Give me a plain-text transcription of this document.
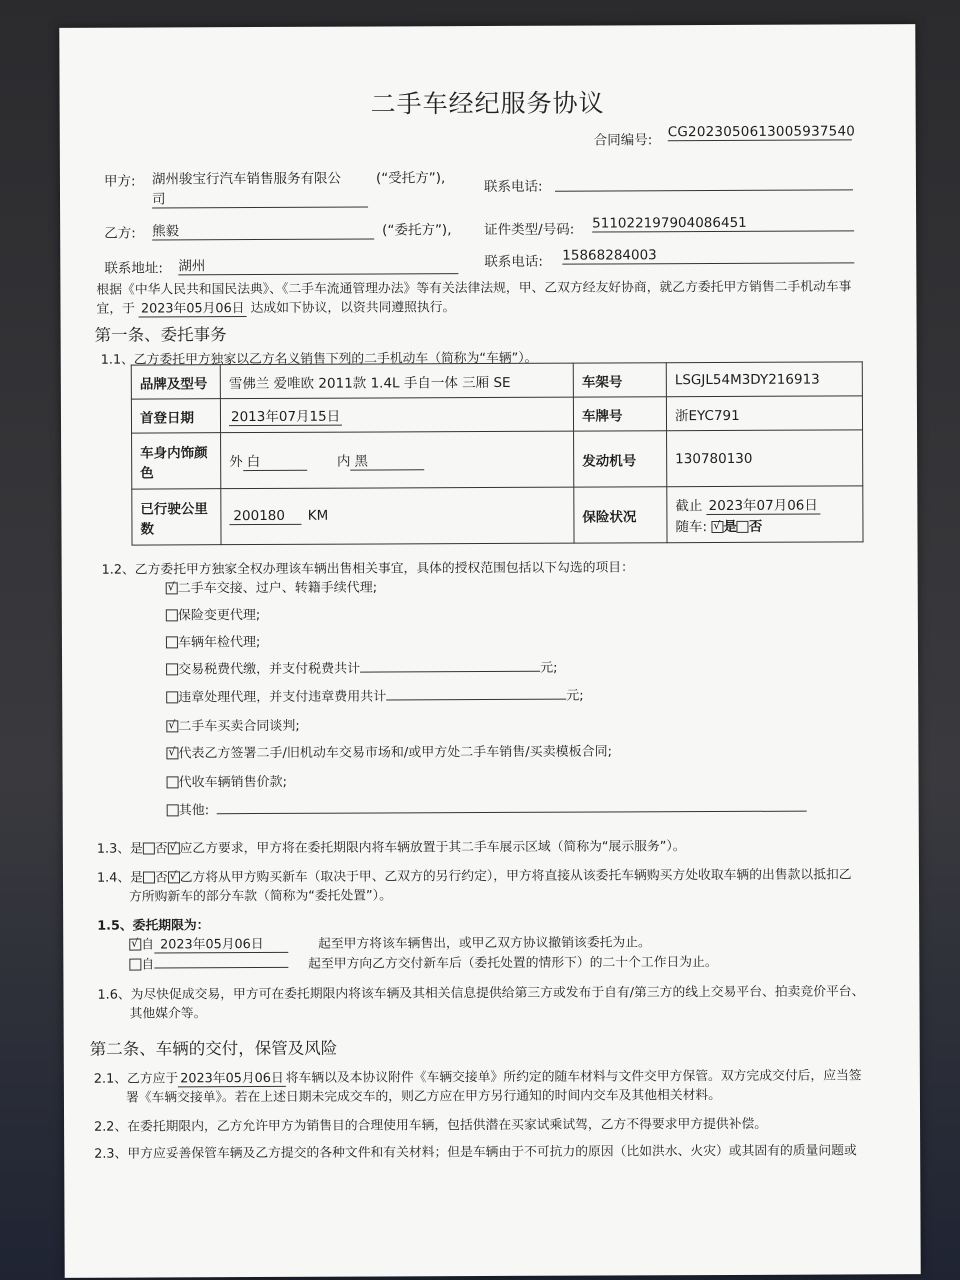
二手车经纪服务协议
合同编号:
CG2023050613005937540
甲方: 湖州骏宝行汽车销售服务有限公
司
(“受托方”),
联系电话:
乙方: 熊毅	(“委托方”), 证件类型/号码: 511022197904086451
联系地址: 湖州	联系电话: 15868284003
根据《中华人民共和国民法典》、《二手车流通管理办法》等有关法律法规，甲、乙双方经友好协商，就乙方委托甲方销售二手机动车事
宜，于 2023年05月06日 达成如下协议，以资共同遵照执行。
第一条、委托事务
1.1、乙方委托甲方独家以乙方名义销售下列的二手机动车（简称为“车辆”）。
品牌及型号	雪佛兰 爱唯欧 2011款 1.4L 手自一体 三厢 SE	车架号	LSGJL54M3DY216913
首登日期	2013年07月15日	车牌号	浙EYC791
车身内饰颜色	外 白 内 黑	发动机号	130780130
已行驶公里数	200180 KM	保险状况	截止 2023年07月06日
随车: √ 是 否
1.2、乙方委托甲方独家全权办理该车辆出售相关事宜，具体的授权范围包括以下勾选的项目：
√二手车交接、过户、转籍手续代理;
保险变更代理;
车辆年检代理;
交易税费代缴，并支付税费共计	元;
违章处理代理，并支付违章费用共计	元;
√二手车买卖合同谈判;
√代表乙方签署二手/旧机动车交易市场和/或甲方处二手车销售/买卖模板合同;
代收车辆销售价款;
其他:
1.3、是 否 √ 应乙方要求，甲方将在委托期限内将车辆放置于其二手车展示区域（简称为“展示服务”）。
1.4、是 否 √ 乙方将从甲方购买新车（取决于甲、乙双方的另行约定），甲方将直接从该委托车辆购买方处收取车辆的出售款以抵扣乙
方所购新车的部分车款（简称为“委托处置”）。
1.5、委托期限为：
√自 2023年05月06日	起至甲方将该车辆售出，或甲乙双方协议撤销该委托为止。
自	起至甲方向乙方交付新车后（委托处置的情形下）的二十个工作日为止。
1.6、为尽快促成交易，甲方可在委托期限内将该车辆及其相关信息提供给第三方或发布于自有/第三方的线上交易平台、拍卖竞价平台、
其他媒介等。
第二条、车辆的交付，保管及风险
2.1、乙方应于 2023年05月06日 将车辆以及本协议附件《车辆交接单》所约定的随车材料与文件交甲方保管。双方完成交付后，应当签
署《车辆交接单》。若在上述日期未完成交车的，则乙方应在甲方另行通知的时间内交车及其他相关材料。
2.2、在委托期限内，乙方允许甲方为销售目的合理使用车辆，包括供潜在买家试乘试驾，乙方不得要求甲方提供补偿。
2.3、甲方应妥善保管车辆及乙方提交的各种文件和有关材料；但是车辆由于不可抗力的原因（比如洪水、火灾）或其固有的质量问题或
